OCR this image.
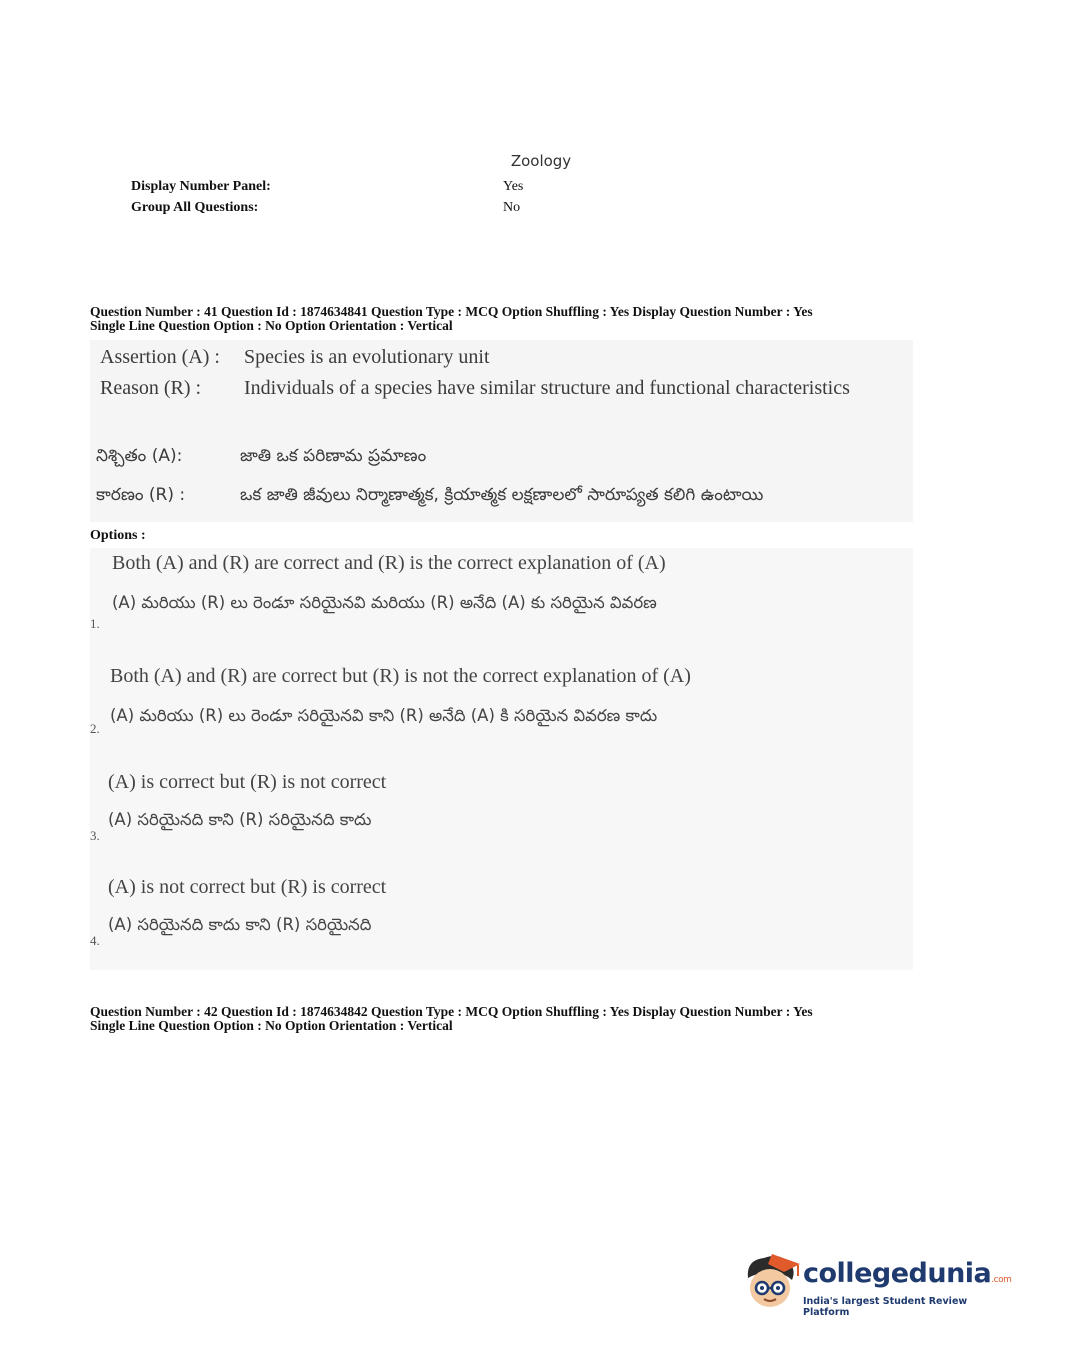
Zoology
Display Number Panel:	Yes
Group All Questions:	No
Question Number : 41 Question Id : 1874634841 Question Type : MCQ Option Shuffling : Yes Display Question Number : Yes
Single Line Question Option : No Option Orientation : Vertical
Assertion (A) : Species is an evolutionary unit
Reason (R) : Individuals of a species have similar structure and functional characteristics
నిశ్చితం (A):	జాతి ఒక పరిణామ ప్రమాణం
కారణం (R) :	ఒక జాతి జీవులు నిర్మాణాత్మక, క్రియాత్మక లక్షణాలలో సారూప్యత కలిగి ఉంటాయి
Options :
Both (A) and (R) are correct and (R) is the correct explanation of (A)
(A) మరియు (R) లు రెండూ సరియైనవి మరియు (R) అనేది (A) కు సరియైన వివరణ
1.
Both (A) and (R) are correct but (R) is not the correct explanation of (A)
(A) మరియు (R) లు రెండూ సరియైనవి కాని (R) అనేది (A) కి సరియైన వివరణ కాదు
2.
(A) is correct but (R) is not correct
(A) సరియైనది కాని (R) సరియైనది కాదు
3.
(A) is not correct but (R) is correct
(A) సరియైనది కాదు కాని (R) సరియైనది
4.
Question Number : 42 Question Id : 1874634842 Question Type : MCQ Option Shuffling : Yes Display Question Number : Yes
Single Line Question Option : No Option Orientation : Vertical
collegedunia.com
India's largest Student Review Platform
